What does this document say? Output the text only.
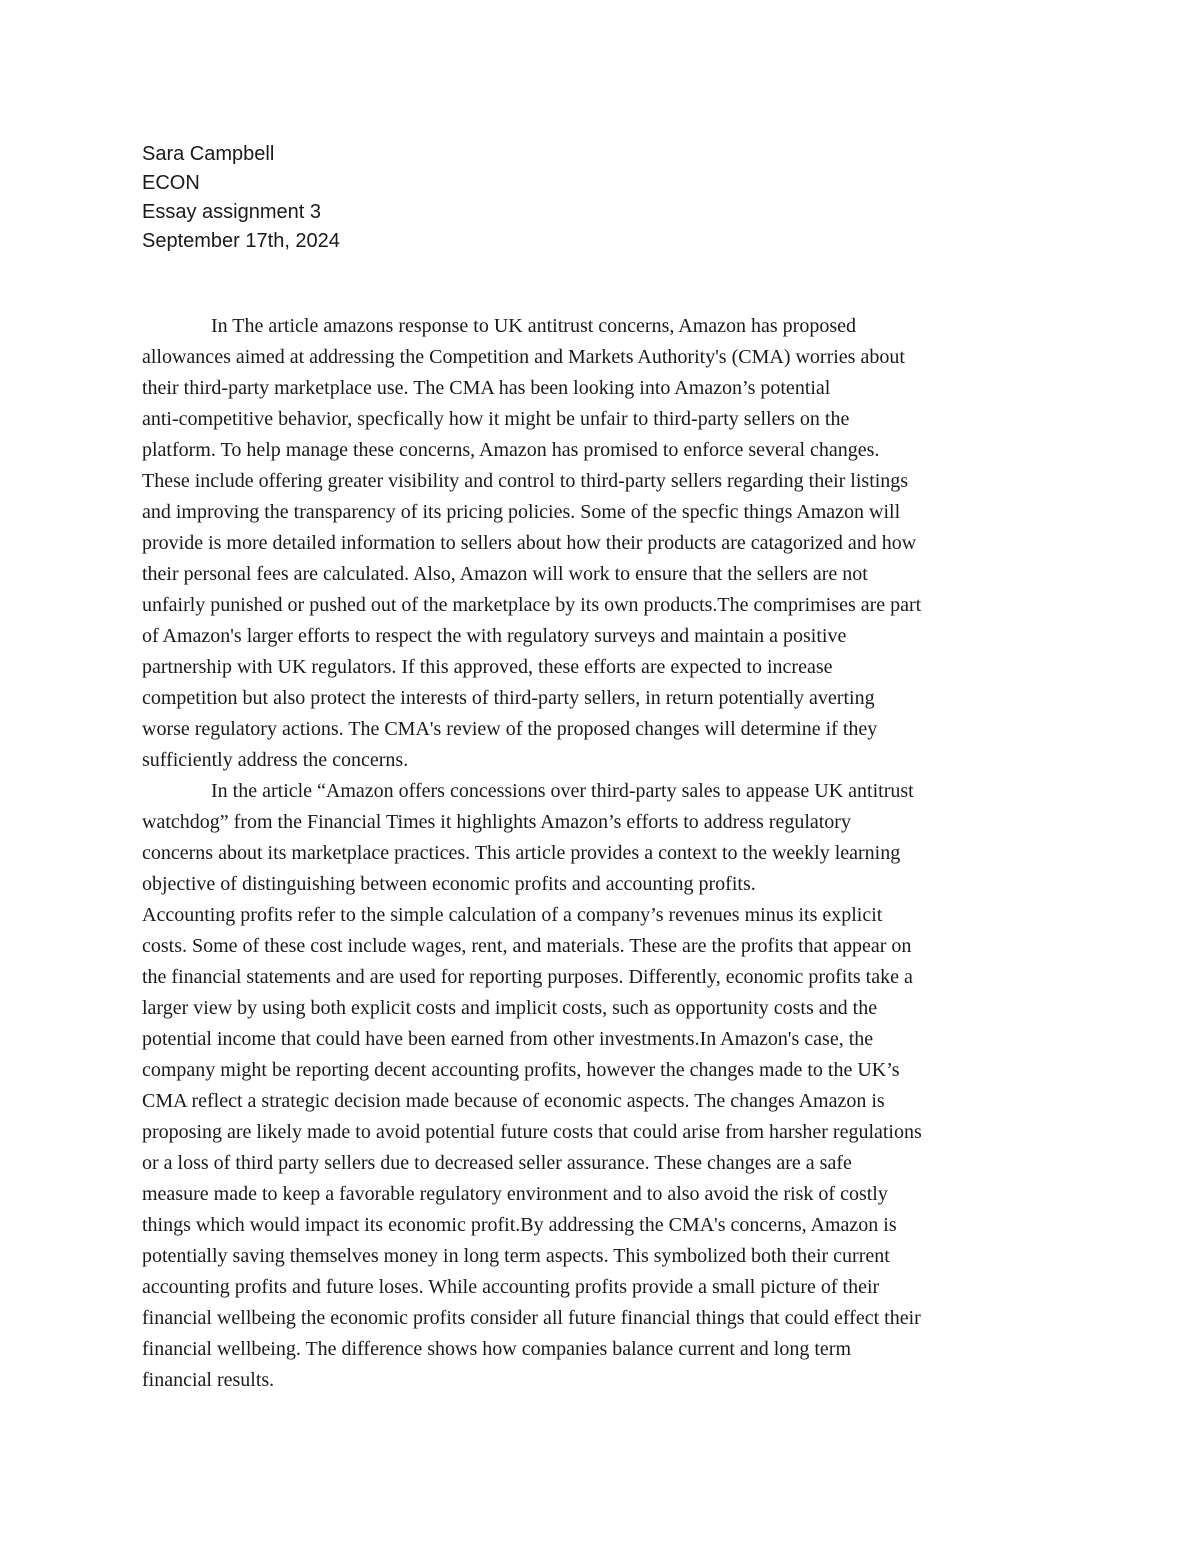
Sara Campbell
ECON
Essay assignment 3
September 17th, 2024
In The article amazons response to UK antitrust concerns, Amazon has proposed
allowances aimed at addressing the Competition and Markets Authority's (CMA) worries about
their third-party marketplace use. The CMA has been looking into Amazon’s potential
anti-competitive behavior, specfically how it might be unfair to third-party sellers on the
platform. To help manage these concerns, Amazon has promised to enforce several changes.
These include offering greater visibility and control to third-party sellers regarding their listings
and improving the transparency of its pricing policies. Some of the specfic things Amazon will
provide is more detailed information to sellers about how their products are catagorized and how
their personal fees are calculated. Also, Amazon will work to ensure that the sellers are not
unfairly punished or pushed out of the marketplace by its own products.The comprimises are part
of Amazon's larger efforts to respect the with regulatory surveys and maintain a positive
partnership with UK regulators. If this approved, these efforts are expected to increase
competition but also protect the interests of third-party sellers, in return potentially averting
worse regulatory actions. The CMA's review of the proposed changes will determine if they
sufficiently address the concerns.
In the article “Amazon offers concessions over third-party sales to appease UK antitrust
watchdog” from the Financial Times it highlights Amazon’s efforts to address regulatory
concerns about its marketplace practices. This article provides a context to the weekly learning
objective of distinguishing between economic profits and accounting profits.
Accounting profits refer to the simple calculation of a company’s revenues minus its explicit
costs. Some of these cost include wages, rent, and materials. These are the profits that appear on
the financial statements and are used for reporting purposes. Differently, economic profits take a
larger view by using both explicit costs and implicit costs, such as opportunity costs and the
potential income that could have been earned from other investments.In Amazon's case, the
company might be reporting decent accounting profits, however the changes made to the UK’s
CMA reflect a strategic decision made because of economic aspects. The changes Amazon is
proposing are likely made to avoid potential future costs that could arise from harsher regulations
or a loss of third party sellers due to decreased seller assurance. These changes are a safe
measure made to keep a favorable regulatory environment and to also avoid the risk of costly
things which would impact its economic profit.By addressing the CMA's concerns, Amazon is
potentially saving themselves money in long term aspects. This symbolized both their current
accounting profits and future loses. While accounting profits provide a small picture of their
financial wellbeing the economic profits consider all future financial things that could effect their
financial wellbeing. The difference shows how companies balance current and long term
financial results.
